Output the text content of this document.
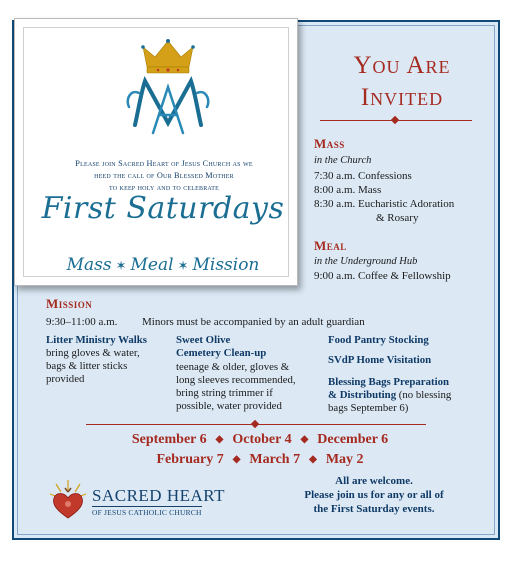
Please join Sacred Heart of Jesus Church as we
heed the call of Our Blessed Mother
to keep holy and to celebrate
First Saturdays
Mass ✶ Meal ✶ Mission
You Are
Invited
Mass
in the Church
7:30 a.m. Confessions
8:00 a.m. Mass
8:30 a.m. Eucharistic Adoration
& Rosary
Meal
in the Underground Hub
9:00 a.m. Coffee & Fellowship
Mission
9:30–11:00 a.m. Minors must be accompanied by an adult guardian
Litter Ministry Walks
bring gloves & water,
bags & litter sticks
provided
Sweet Olive
Cemetery Clean-up
teenage & older, gloves &
long sleeves recommended,
bring string trimmer if
possible, water provided
Food Pantry Stocking
SVdP Home Visitation
Blessing Bags Preparation
& Distributing (no blessing
bags September 6)
September 6 ◆ October 4 ◆ December 6
February 7 ◆ March 7 ◆ May 2
SACRED HEART
OF JESUS CATHOLIC CHURCH
All are welcome.
Please join us for any or all of
the First Saturday events.
